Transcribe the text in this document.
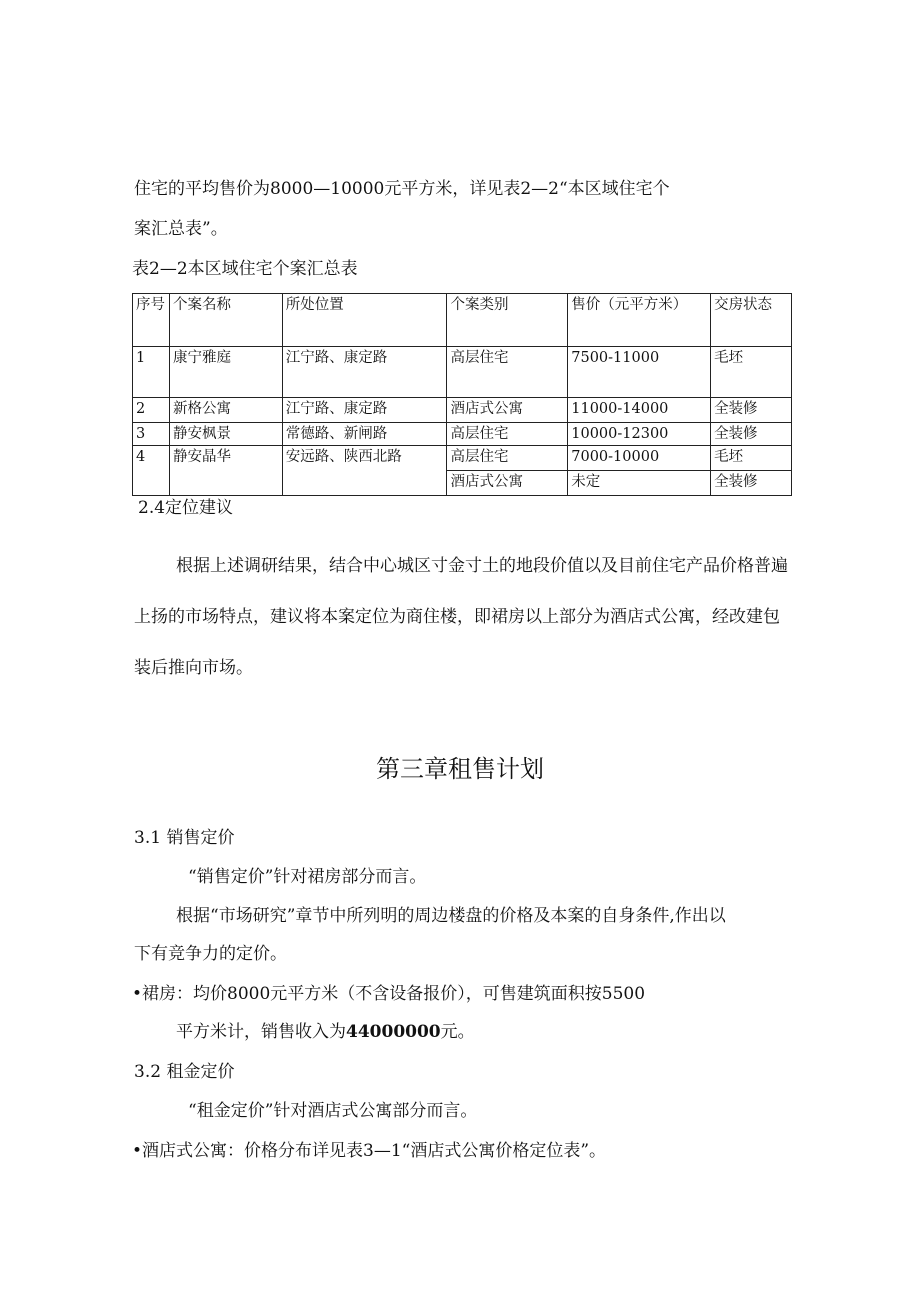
住宅的平均售价为8000—10000元平方米，详见表2—2“本区域住宅个
案汇总表”。
表2—2本区域住宅个案汇总表
序号	个案名称	所处位置	个案类别	售价（元平方米）	交房状态
1	康宁雅庭	江宁路、康定路	高层住宅	7500-11000	毛坯
2	新格公寓	江宁路、康定路	酒店式公寓	11000-14000	全装修
3	静安枫景	常德路、新闸路	高层住宅	10000-12300	全装修
4	静安晶华	安远路、陕西北路	高层住宅	7000-10000	毛坯
			酒店式公寓	未定	全装修
2.4定位建议
根据上述调研结果，结合中心城区寸金寸土的地段价值以及目前住宅产品价格普遍上扬的市场特点，建议将本案定位为商住楼，即裙房以上部分为酒店式公寓，经改建包装后推向市场。
第三章租售计划
3.1 销售定价
“销售定价”针对裙房部分而言。
根据“市场研究”章节中所列明的周边楼盘的价格及本案的自身条件,作出以
下有竞争力的定价。
•裙房：均价8000元平方米（不含设备报价），可售建筑面积按5500
平方米计，销售收入为44000000元。
3.2 租金定价
“租金定价”针对酒店式公寓部分而言。
•酒店式公寓：价格分布详见表3—1“酒店式公寓价格定位表”。
